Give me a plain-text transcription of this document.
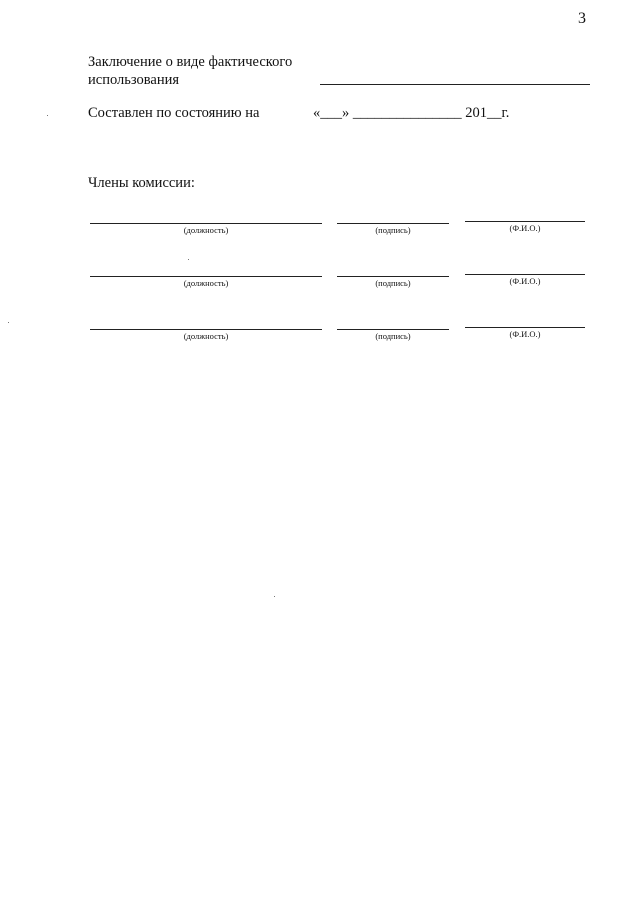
3
Заключение о виде фактического использования
Составлен по состоянию на	«___» _______________ 201__г.
Члены комиссии:
(должность)	(подпись)	(Ф.И.О.)
(должность)	(подпись)	(Ф.И.О.)
(должность)	(подпись)	(Ф.И.О.)
